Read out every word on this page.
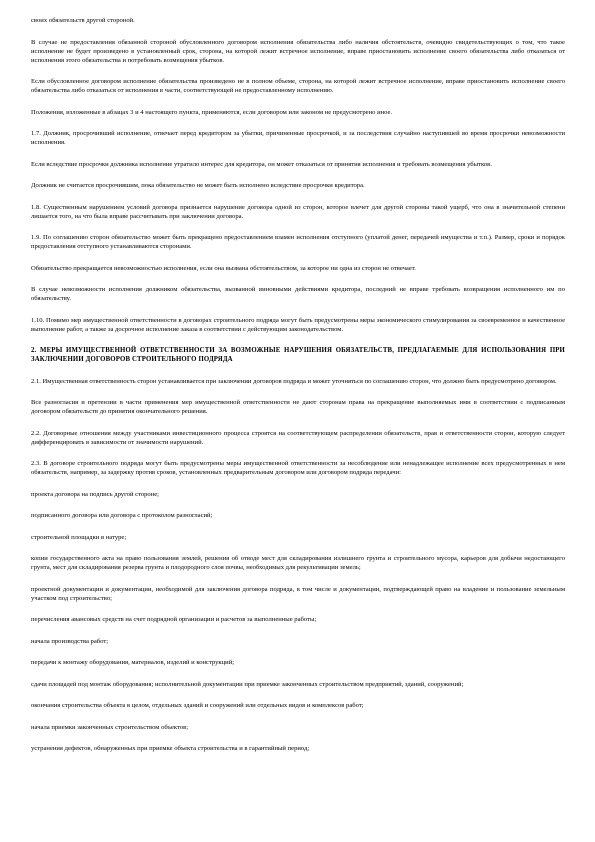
своих обязательств другой стороной.

В случае не предоставления обязанной стороной обусловленного договором исполнения обязательства либо наличия обстоятельств, очевидно свидетельствующих о том, что такое исполнение не будет произведено в установленный срок, сторона, на которой лежит встречное исполнение, вправе приостановить исполнение своего обязательства либо отказаться от исполнения этого обязательства и потребовать возмещения убытков.

Если обусловленное договором исполнение обязательства произведено не в полном объеме, сторона, на которой лежит встречное исполнение, вправе приостановить исполнение своего обязательства либо отказаться от исполнения в части, соответствующей не предоставленному исполнению.

Положения, изложенные в абзацах 3 и 4 настоящего пункта, применяются, если договором или законом не предусмотрено иное.

1.7. Должник, просрочивший исполнение, отвечает перед кредитором за убытки, причиненные просрочкой, и за последствия случайно наступившей во время просрочки невозможности исполнения.

Если вследствие просрочки должника исполнение утратило интерес для кредитора, он может отказаться от принятия исполнения и требовать возмещения убытков.

Должник не считается просрочившим, пока обязательство не может быть исполнено вследствие просрочки кредитора.

1.8. Существенным нарушением условий договора признается нарушение договора одной из сторон, которое влечет для другой стороны такой ущерб, что она в значительной степени лишается того, на что была вправе рассчитывать при заключении договора.

1.9. По соглашению сторон обязательство может быть прекращено предоставлением взамен исполнения отступного (уплатой денег, передачей имущества и т.п.). Размер, сроки и порядок предоставления отступного устанавливаются сторонами.

Обязательство прекращается невозможностью исполнения, если она вызвана обстоятельством, за которое ни одна из сторон не отвечает.

В случае невозможности исполнения должником обязательства, вызванной виновными действиями кредитора, последний не вправе требовать возвращения исполненного им по обязательству.

1.10. Помимо мер имущественной ответственности в договорах строительного подряда могут быть предусмотрены меры экономического стимулирования за своевременное и качественное выполнение работ, а также за досрочное исполнение заказа в соответствии с действующим законодательством.

2. МЕРЫ ИМУЩЕСТВЕННОЙ ОТВЕТСТВЕННОСТИ ЗА ВОЗМОЖНЫЕ НАРУШЕНИЯ ОБЯЗАТЕЛЬСТВ, ПРЕДЛАГАЕМЫЕ ДЛЯ ИСПОЛЬЗОВАНИЯ ПРИ ЗАКЛЮЧЕНИИ ДОГОВОРОВ СТРОИТЕЛЬНОГО ПОДРЯДА

2.1. Имущественная ответственность сторон устанавливается при заключении договоров подряда и может уточняться по соглашению сторон, что должно быть предусмотрено договором.

Все разногласия и претензии в части применения мер имущественной ответственности не дают сторонам права на прекращение выполняемых ими в соответствии с подписанным договором обязательств до принятия окончательного решения.

2.2. Договорные отношения между участниками инвестиционного процесса строятся на соответствующем распределении обязательств, прав и ответственности сторон, которую следует дифференцировать в зависимости от значимости нарушений.

2.3. В договоре строительного подряда могут быть предусмотрены меры имущественной ответственности за несоблюдение или ненадлежащее исполнение всех предусмотренных в нем обязательств, например, за задержку против сроков, установленных предварительным договором или договором подряда передачи:

проекта договора на подпись другой стороне;

подписанного договора или договора с протоколом разногласий;

строительной площадки в натуре;

копии государственного акта на право пользования землей, решения об отводе мест для складирования излишнего грунта и строительного мусора, карьеров для добычи недостающего грунта, мест для складирования резерва грунта и плодородного слоя почвы, необходимых для рекультивации земель;

проектной документации и документации, необходимой для заключения договора подряда, в том числе и документации, подтверждающей право на владение и пользование земельным участком под строительство;

перечисления авансовых средств на счет подрядной организации и расчетов за выполненные работы;

начала производства работ;

передачи к монтажу оборудования, материалов, изделий и конструкций;

сдачи площадей под монтаж оборудования; исполнительной документации при приемке законченных строительством предприятий, зданий, сооружений;

окончания строительства объекта в целом, отдельных зданий и сооружений или отдельных видов и комплексов работ;

начала приемки законченных строительством объектов;

устранения дефектов, обнаруженных при приемке объекта строительства и в гарантийный период;
